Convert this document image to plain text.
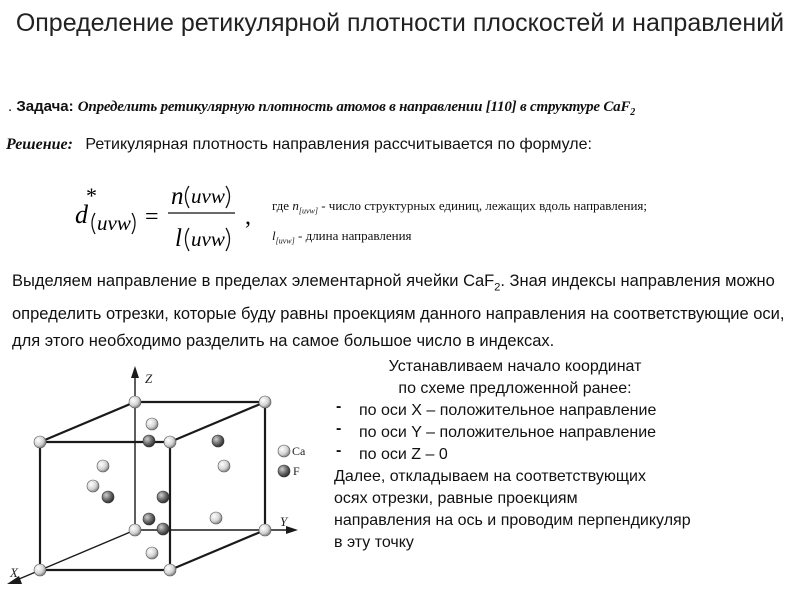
Определение ретикулярной плотности плоскостей и направлений
. Задача: Определить ретикулярную плотность атомов в направлении [110] в структуре CaF$_2$
Решение: Ретикулярная плотность направления рассчитывается по формуле:
d
*
uvw =
n uvw
l uvw
, где $n_{[uvw]}$ - число структурных единиц, лежащих вдоль направления;
$l_{[uvw]}$ - длина направления
Выделяем направление в пределах элементарной ячейки CaF$_2$. Зная индексы направления можно определить отрезки, которые буду равны проекциям данного направления на соответствующие оси, для этого необходимо разделить на самое большое число в индексах.
Устанавливаем начало координат
по схеме предложенной ранее:
- по оси X – положительное направление
- по оси Y – положительное направление
- по оси Z – 0
Далее, откладываем на соответствующих
осях отрезки, равные проекциям
направления на ось и проводим перпендикуляр
в эту точку
Z
Y
X
Ca
F
